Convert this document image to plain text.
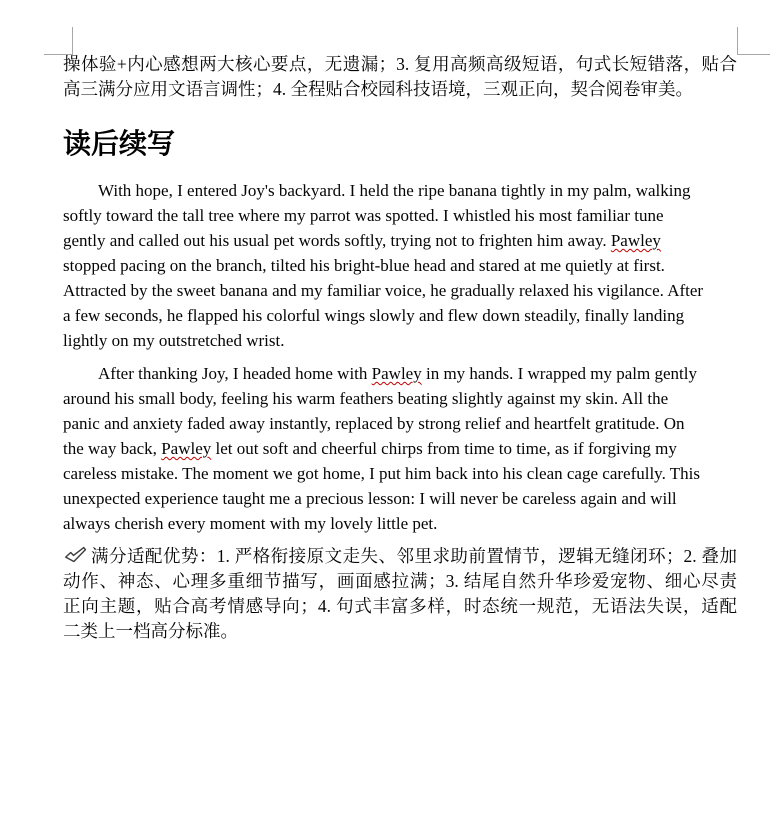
操体验+内心感想两大核心要点，无遗漏；3. 复用高频高级短语，句式长短错落，贴合
高三满分应用文语言调性；4. 全程贴合校园科技语境，三观正向，契合阅卷审美。
读后续写
With hope, I entered Joy's backyard. I held the ripe banana tightly in my palm, walking
softly toward the tall tree where my parrot was spotted. I whistled his most familiar tune
gently and called out his usual pet words softly, trying not to frighten him away. Pawley
stopped pacing on the branch, tilted his bright-blue head and stared at me quietly at first.
Attracted by the sweet banana and my familiar voice, he gradually relaxed his vigilance. After
a few seconds, he flapped his colorful wings slowly and flew down steadily, finally landing
lightly on my outstretched wrist.
After thanking Joy, I headed home with Pawley in my hands. I wrapped my palm gently
around his small body, feeling his warm feathers beating slightly against my skin. All the
panic and anxiety faded away instantly, replaced by strong relief and heartfelt gratitude. On
the way back, Pawley let out soft and cheerful chirps from time to time, as if forgiving my
careless mistake. The moment we got home, I put him back into his clean cage carefully. This
unexpected experience taught me a precious lesson: I will never be careless again and will
always cherish every moment with my lovely little pet.
满分适配优势：1. 严格衔接原文走失、邻里求助前置情节，逻辑无缝闭环；2. 叠加
动作、神态、心理多重细节描写，画面感拉满；3. 结尾自然升华珍爱宠物、细心尽责
正向主题，贴合高考情感导向；4. 句式丰富多样，时态统一规范，无语法失误，适配
二类上一档高分标准。
